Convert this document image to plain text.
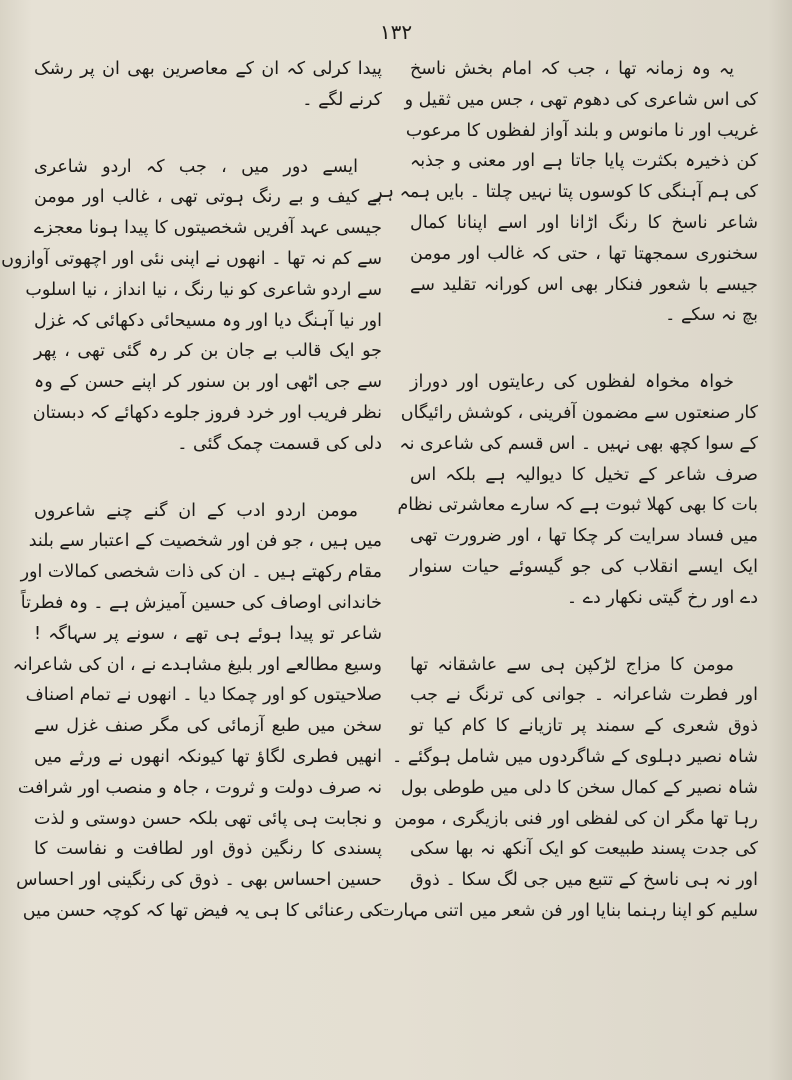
۱۳۲
یہ وہ زمانہ تھا ، جب کہ امام بخش ناسخ
کی اس شاعری کی دھوم تھی ، جس میں ثقیل و
غریب اور نا مانوس و بلند آواز لفظوں کا مرعوب
کن ذخیرہ بکثرت پایا جاتا ہے اور معنی و جذبہ
کی ہم آہنگی کا کوسوں پتا نہیں چلتا ۔ بایں ہمہ ہر
شاعر ناسخ کا رنگ اڑانا اور اسے اپنانا کمال
سخنوری سمجھتا تھا ، حتی کہ غالب اور مومن
جیسے با شعور فنکار بھی اس کورانہ تقلید سے
بچ نہ سکے ۔
خواہ مخواہ لفظوں کی رعایتوں اور دوراز
کار صنعتوں سے مضمون آفرینی ، کوشش رائیگاں
کے سوا کچھ بھی نہیں ۔ اس قسم کی شاعری نہ
صرف شاعر کے تخیل کا دیوالیہ ہے بلکہ اس
بات کا بھی کھلا ثبوت ہے کہ سارے معاشرتی نظام
میں فساد سرایت کر چکا تھا ، اور ضرورت تھی
ایک ایسے انقلاب کی جو گیسوئے حیات سنوار
دے اور رخ گیتی نکھار دے ۔
مومن کا مزاج لڑکپن ہی سے عاشقانہ تھا
اور فطرت شاعرانہ ۔ جوانی کی ترنگ نے جب
ذوق شعری کے سمند پر تازیانے کا کام کیا تو
شاہ نصیر دہلوی کے شاگردوں میں شامل ہوگئے ۔
شاہ نصیر کے کمال سخن کا دلی میں طوطی بول
رہا تھا مگر ان کی لفظی اور فنی بازیگری ، مومن
کی جدت پسند طبیعت کو ایک آنکھ نہ بھا سکی
اور نہ ہی ناسخ کے تتبع میں جی لگ سکا ۔ ذوق
سلیم کو اپنا رہنما بنایا اور فن شعر میں اتنی مہارت
پیدا کرلی کہ ان کے معاصرین بھی ان پر رشک
کرنے لگے ۔
ایسے دور میں ، جب کہ اردو شاعری
بے کیف و بے رنگ ہوتی تھی ، غالب اور مومن
جیسی عہد آفریں شخصیتوں کا پیدا ہونا معجزے
سے کم نہ تھا ۔ انھوں نے اپنی نئی اور اچھوتی آوازوں
سے اردو شاعری کو نیا رنگ ، نیا انداز ، نیا اسلوب
اور نیا آہنگ دیا اور وہ مسیحائی دکھائی کہ غزل
جو ایک قالب بے جان بن کر رہ گئی تھی ، پھر
سے جی اٹھی اور بن سنور کر اپنے حسن کے وہ
نظر فریب اور خرد فروز جلوے دکھائے کہ دبستان
دلی کی قسمت چمک گئی ۔
مومن اردو ادب کے ان گنے چنے شاعروں
میں ہیں ، جو فن اور شخصیت کے اعتبار سے بلند
مقام رکھتے ہیں ۔ ان کی ذات شخصی کمالات اور
خاندانی اوصاف کی حسین آمیزش ہے ۔ وہ فطرتاً
شاعر تو پیدا ہوئے ہی تھے ، سونے پر سہاگہ !
وسیع مطالعے اور بلیغ مشاہدے نے ، ان کی شاعرانہ
صلاحیتوں کو اور چمکا دیا ۔ انھوں نے تمام اصناف
سخن میں طبع آزمائی کی مگر صنف غزل سے
انھیں فطری لگاؤ تھا کیونکہ انھوں نے ورثے میں
نہ صرف دولت و ثروت ، جاہ و منصب اور شرافت
و نجابت ہی پائی تھی بلکہ حسن دوستی و لذت
پسندی کا رنگین ذوق اور لطافت و نفاست کا
حسین احساس بھی ۔ ذوق کی رنگینی اور احساس
کی رعنائی کا ہی یہ فیض تھا کہ کوچہ حسن میں
